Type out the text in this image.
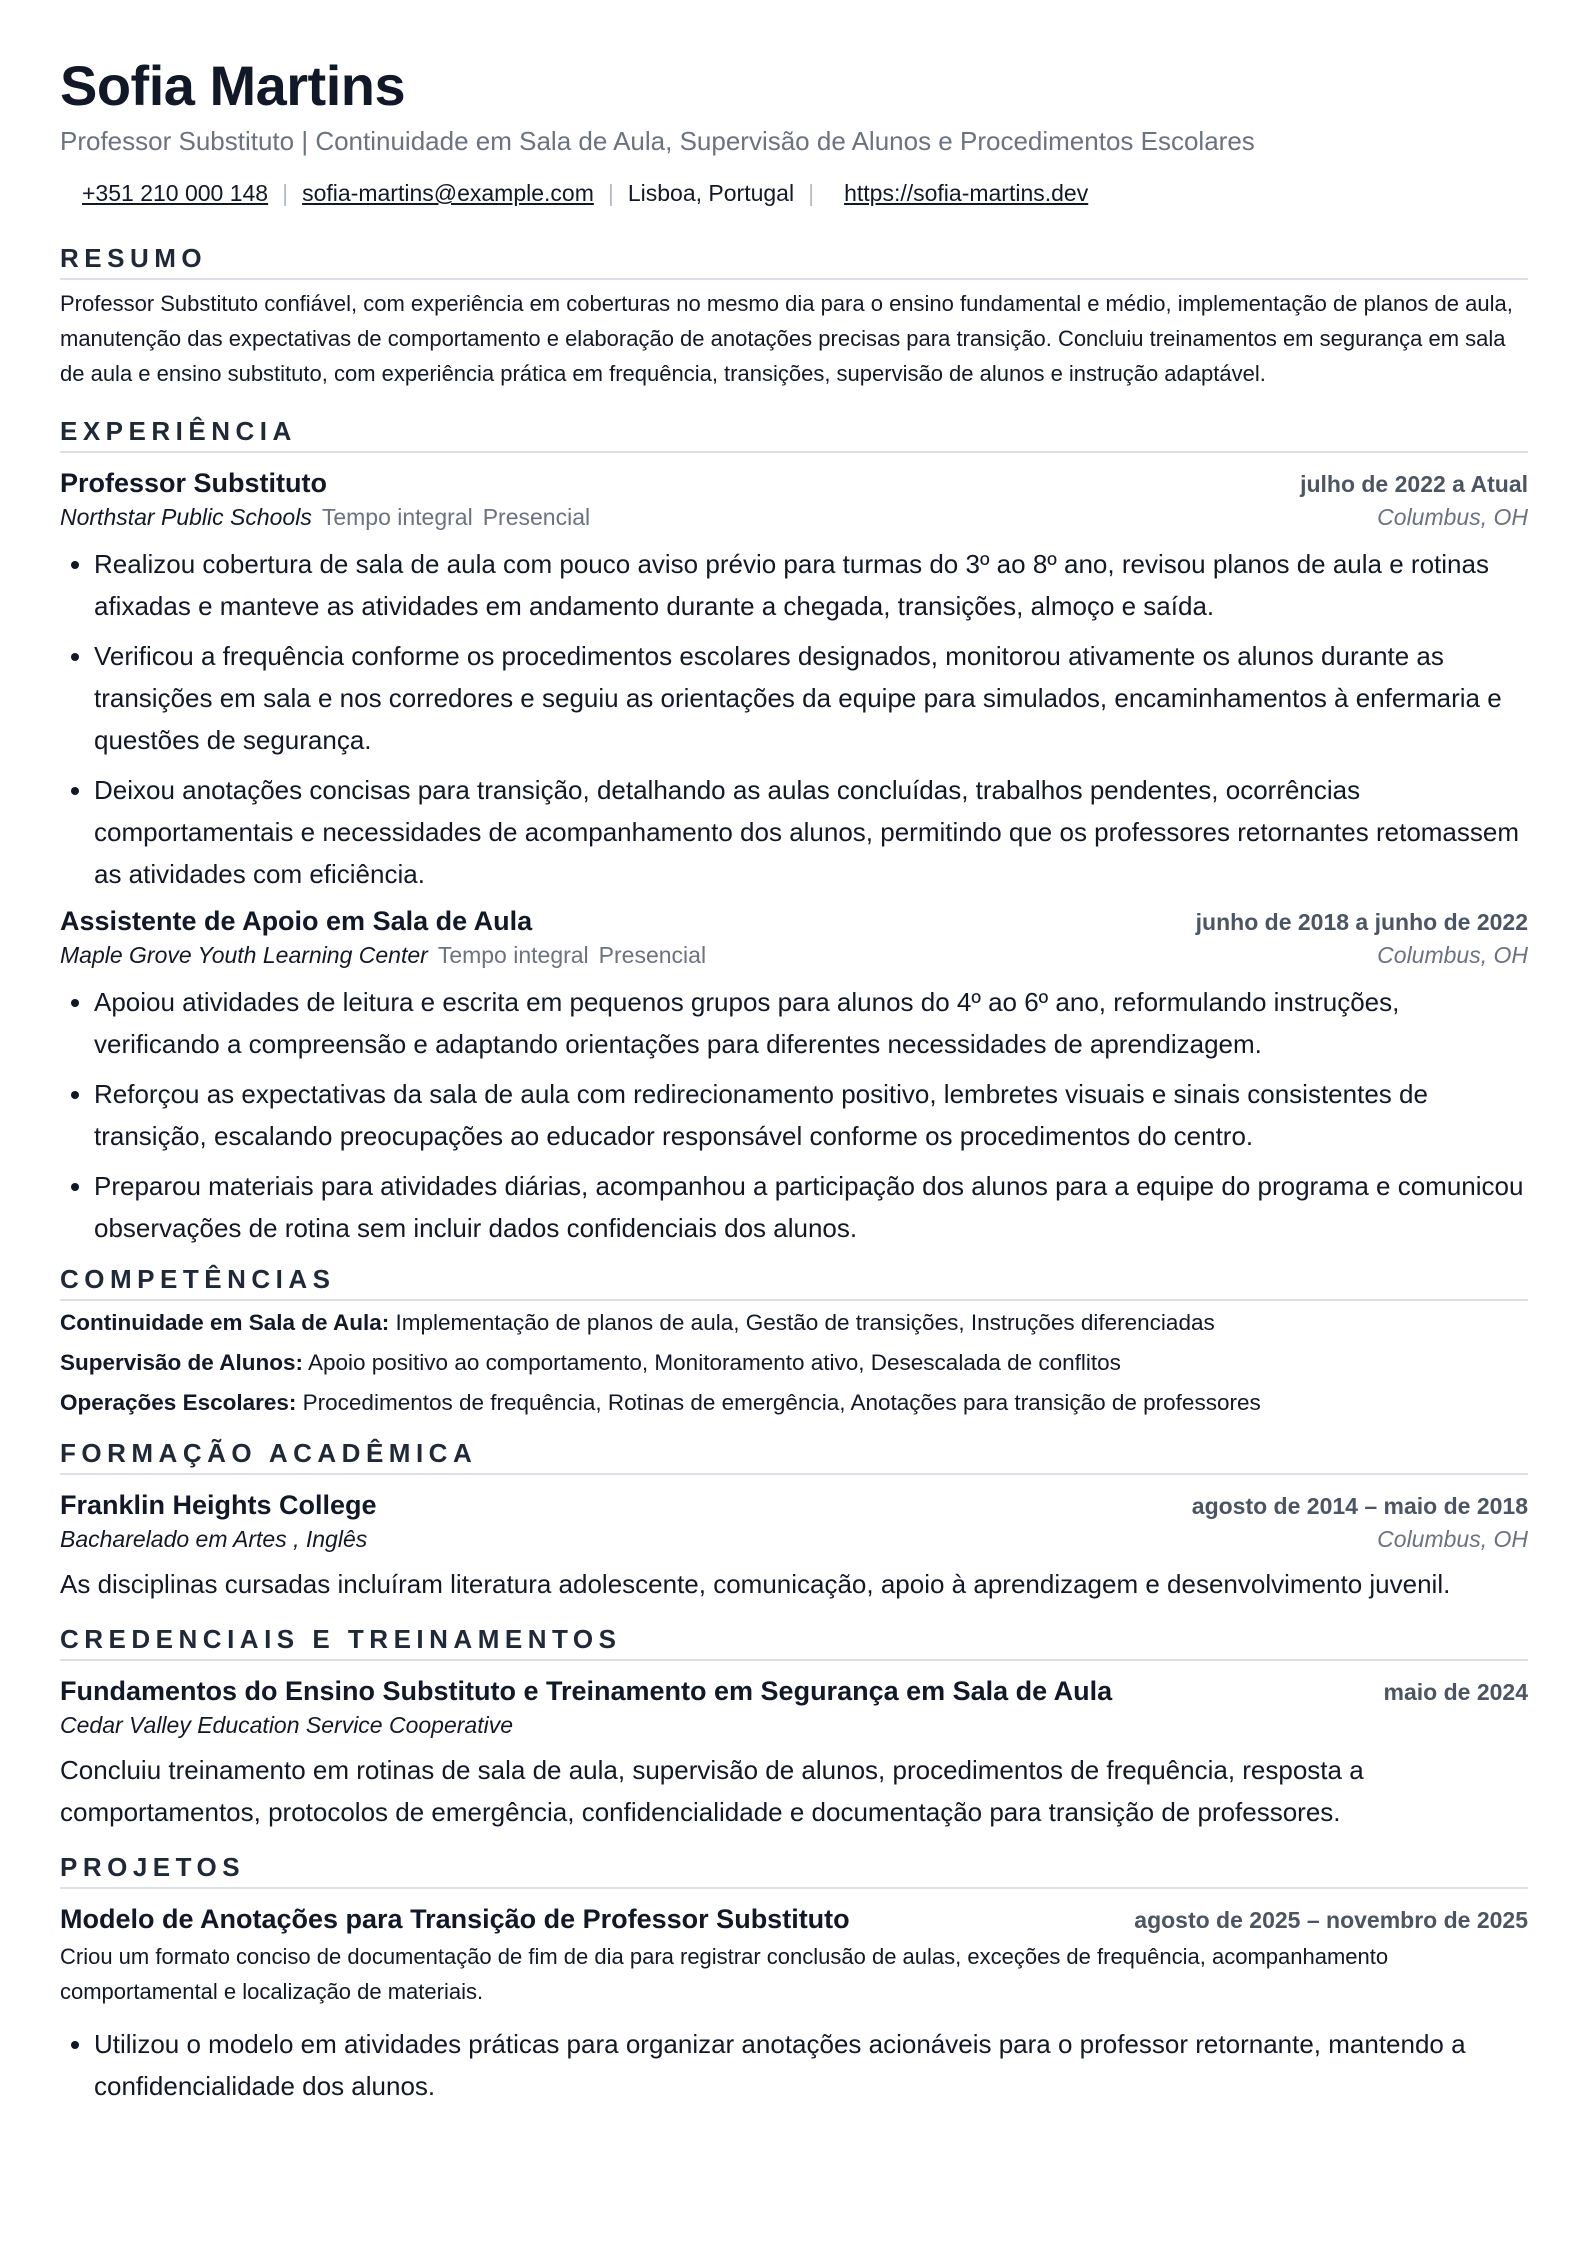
Sofia Martins
Professor Substituto | Continuidade em Sala de Aula, Supervisão de Alunos e Procedimentos Escolares
+351 210 000 148 | sofia-martins@example.com | Lisboa, Portugal | https://sofia-martins.dev
RESUMO
Professor Substituto confiável, com experiência em coberturas no mesmo dia para o ensino fundamental e médio, implementação de planos de aula, manutenção das expectativas de comportamento e elaboração de anotações precisas para transição. Concluiu treinamentos em segurança em sala de aula e ensino substituto, com experiência prática em frequência, transições, supervisão de alunos e instrução adaptável.
EXPERIÊNCIA
Professor Substituto	julho de 2022 a Atual
Northstar Public Schools Tempo integral Presencial	Columbus, OH
• Realizou cobertura de sala de aula com pouco aviso prévio para turmas do 3º ao 8º ano, revisou planos de aula e rotinas afixadas e manteve as atividades em andamento durante a chegada, transições, almoço e saída.
• Verificou a frequência conforme os procedimentos escolares designados, monitorou ativamente os alunos durante as transições em sala e nos corredores e seguiu as orientações da equipe para simulados, encaminhamentos à enfermaria e questões de segurança.
• Deixou anotações concisas para transição, detalhando as aulas concluídas, trabalhos pendentes, ocorrências comportamentais e necessidades de acompanhamento dos alunos, permitindo que os professores retornantes retomassem as atividades com eficiência.
Assistente de Apoio em Sala de Aula	junho de 2018 a junho de 2022
Maple Grove Youth Learning Center Tempo integral Presencial	Columbus, OH
• Apoiou atividades de leitura e escrita em pequenos grupos para alunos do 4º ao 6º ano, reformulando instruções, verificando a compreensão e adaptando orientações para diferentes necessidades de aprendizagem.
• Reforçou as expectativas da sala de aula com redirecionamento positivo, lembretes visuais e sinais consistentes de transição, escalando preocupações ao educador responsável conforme os procedimentos do centro.
• Preparou materiais para atividades diárias, acompanhou a participação dos alunos para a equipe do programa e comunicou observações de rotina sem incluir dados confidenciais dos alunos.
COMPETÊNCIAS
Continuidade em Sala de Aula: Implementação de planos de aula, Gestão de transições, Instruções diferenciadas
Supervisão de Alunos: Apoio positivo ao comportamento, Monitoramento ativo, Desescalada de conflitos
Operações Escolares: Procedimentos de frequência, Rotinas de emergência, Anotações para transição de professores
FORMAÇÃO ACADÊMICA
Franklin Heights College	agosto de 2014 – maio de 2018
Bacharelado em Artes , Inglês	Columbus, OH
As disciplinas cursadas incluíram literatura adolescente, comunicação, apoio à aprendizagem e desenvolvimento juvenil.
CREDENCIAIS E TREINAMENTOS
Fundamentos do Ensino Substituto e Treinamento em Segurança em Sala de Aula	maio de 2024
Cedar Valley Education Service Cooperative
Concluiu treinamento em rotinas de sala de aula, supervisão de alunos, procedimentos de frequência, resposta a comportamentos, protocolos de emergência, confidencialidade e documentação para transição de professores.
PROJETOS
Modelo de Anotações para Transição de Professor Substituto	agosto de 2025 – novembro de 2025
Criou um formato conciso de documentação de fim de dia para registrar conclusão de aulas, exceções de frequência, acompanhamento comportamental e localização de materiais.
• Utilizou o modelo em atividades práticas para organizar anotações acionáveis para o professor retornante, mantendo a confidencialidade dos alunos.
